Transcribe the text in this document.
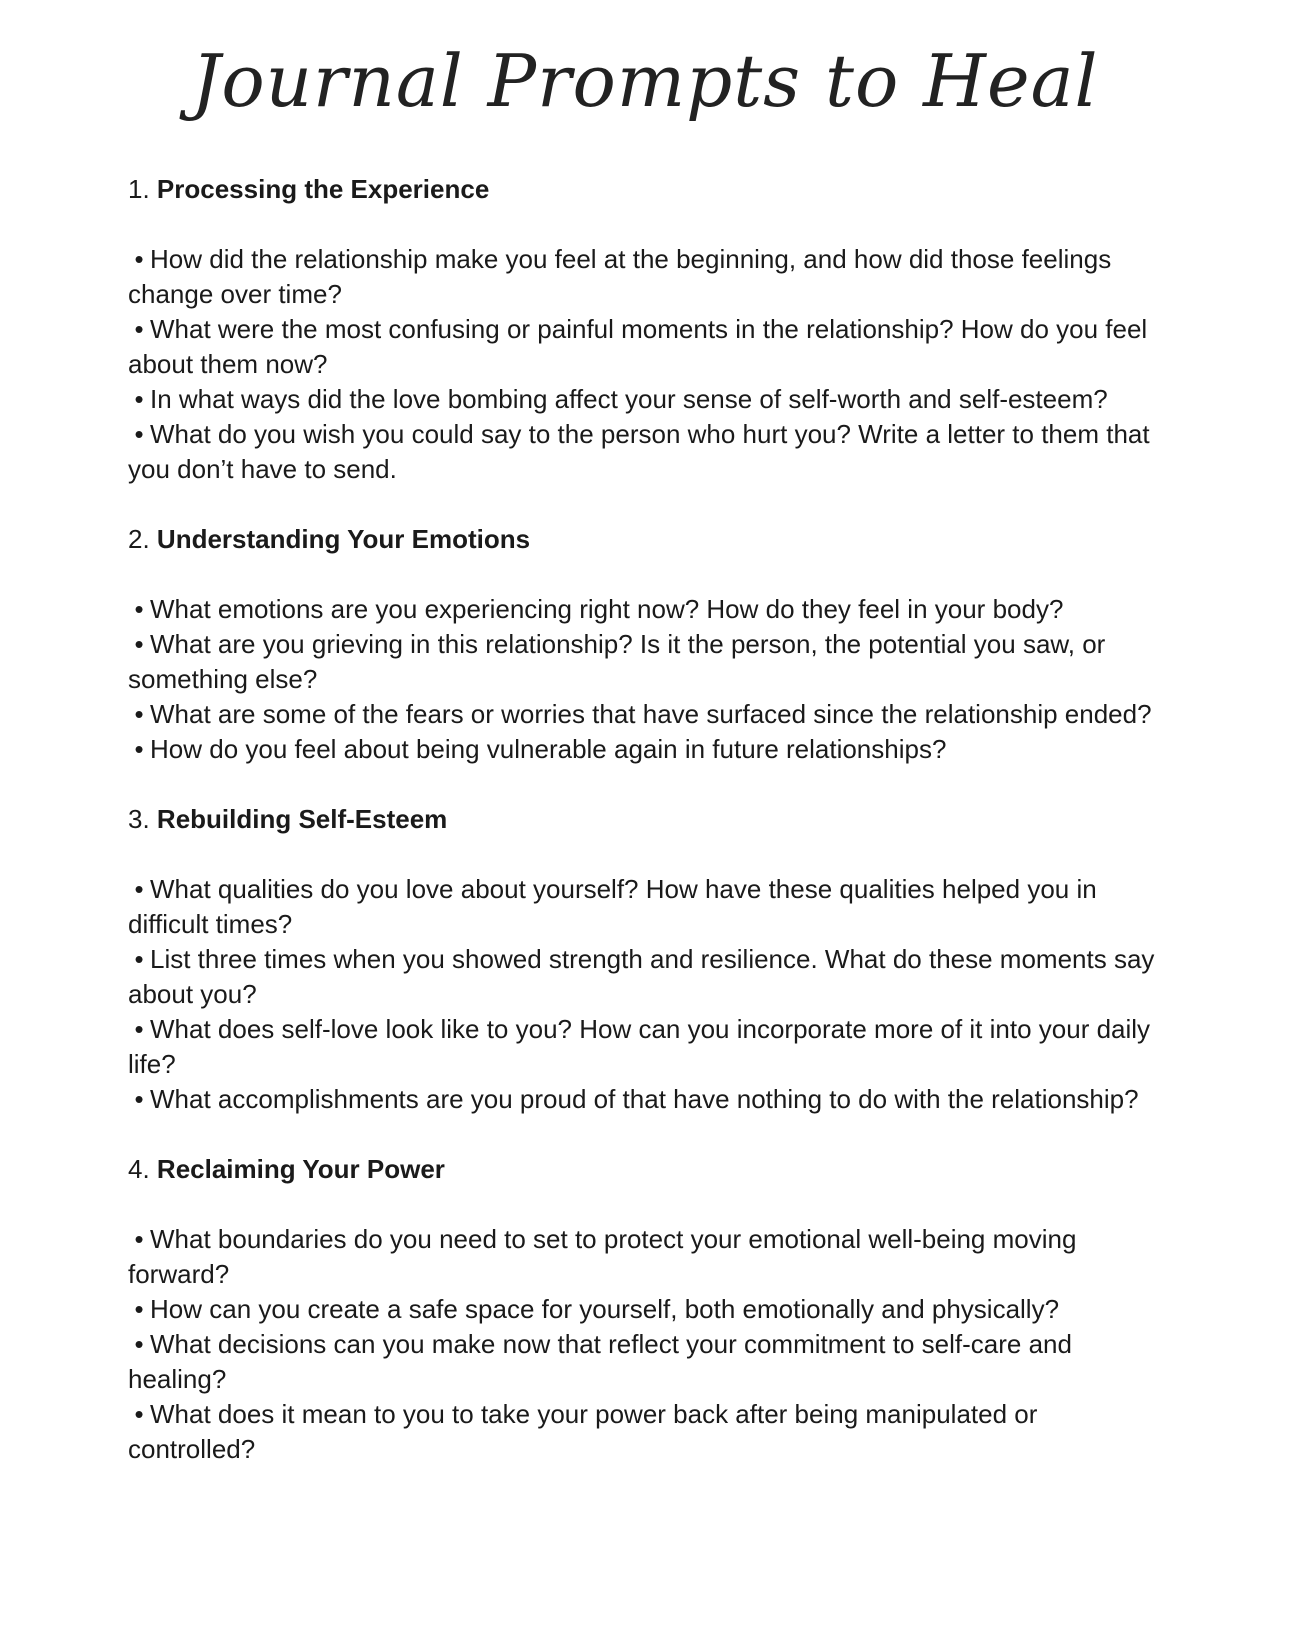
Journal Prompts to Heal
1. Processing the Experience
• How did the relationship make you feel at the beginning, and how did those feelings change over time?
• What were the most confusing or painful moments in the relationship? How do you feel about them now?
• In what ways did the love bombing affect your sense of self-worth and self-esteem?
• What do you wish you could say to the person who hurt you? Write a letter to them that you don’t have to send.
2. Understanding Your Emotions
• What emotions are you experiencing right now? How do they feel in your body?
• What are you grieving in this relationship? Is it the person, the potential you saw, or something else?
• What are some of the fears or worries that have surfaced since the relationship ended?
• How do you feel about being vulnerable again in future relationships?
3. Rebuilding Self-Esteem
• What qualities do you love about yourself? How have these qualities helped you in difficult times?
• List three times when you showed strength and resilience. What do these moments say about you?
• What does self-love look like to you? How can you incorporate more of it into your daily life?
• What accomplishments are you proud of that have nothing to do with the relationship?
4. Reclaiming Your Power
• What boundaries do you need to set to protect your emotional well-being moving forward?
• How can you create a safe space for yourself, both emotionally and physically?
• What decisions can you make now that reflect your commitment to self-care and healing?
• What does it mean to you to take your power back after being manipulated or controlled?
